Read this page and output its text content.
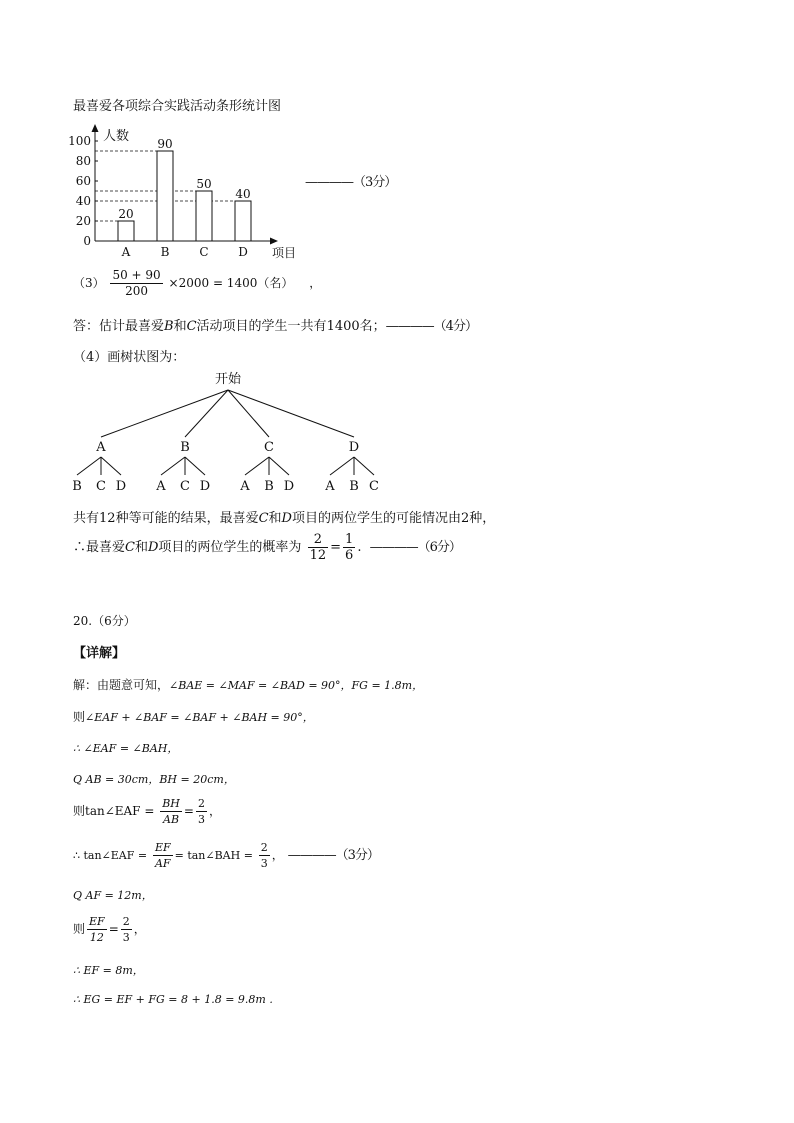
最喜爱各项综合实践活动条形统计图
0
20
40
60
80
100 人数
项目
20
A
90
B
50
C
40
D
————（3分）
$(3) \frac{50 + 90}{200} \times 2000 = 1400$（名） ，
答：估计最喜爱B和C活动项目的学生一共有1400名；————（4分）
（4）画树状图为：
开始
A
B C D
B
A C D
C
A B D
D
A B C
共有12种等可能的结果，最喜爱C和D项目的两位学生的可能情况由2种，
∴最喜爱C和D项目的两位学生的概率为 $\frac{2}{12} = \frac{1}{6}$ . ————（6分）
20.（6分）
【详解】
解：由题意可知，∠BAE = ∠MAF = ∠BAD = 90°，FG = 1.8m，
则∠EAF + ∠BAF = ∠BAF + ∠BAH = 90°，
∴ ∠EAF = ∠BAH，
Q AB = 30cm，BH = 20cm，
则tan∠EAF = $\frac{BH}{AB} = \frac{2}{3}$ ，
∴ tan∠EAF = $\frac{EF}{AF}$ = tan∠BAH = $\frac{2}{3}$ ， ————（3分）
Q AF = 12m，
则 $\frac{EF}{12} = \frac{2}{3}$ ，
∴ EF = 8m，
∴ EG = EF + FG = 8 + 1.8 = 9.8m .
